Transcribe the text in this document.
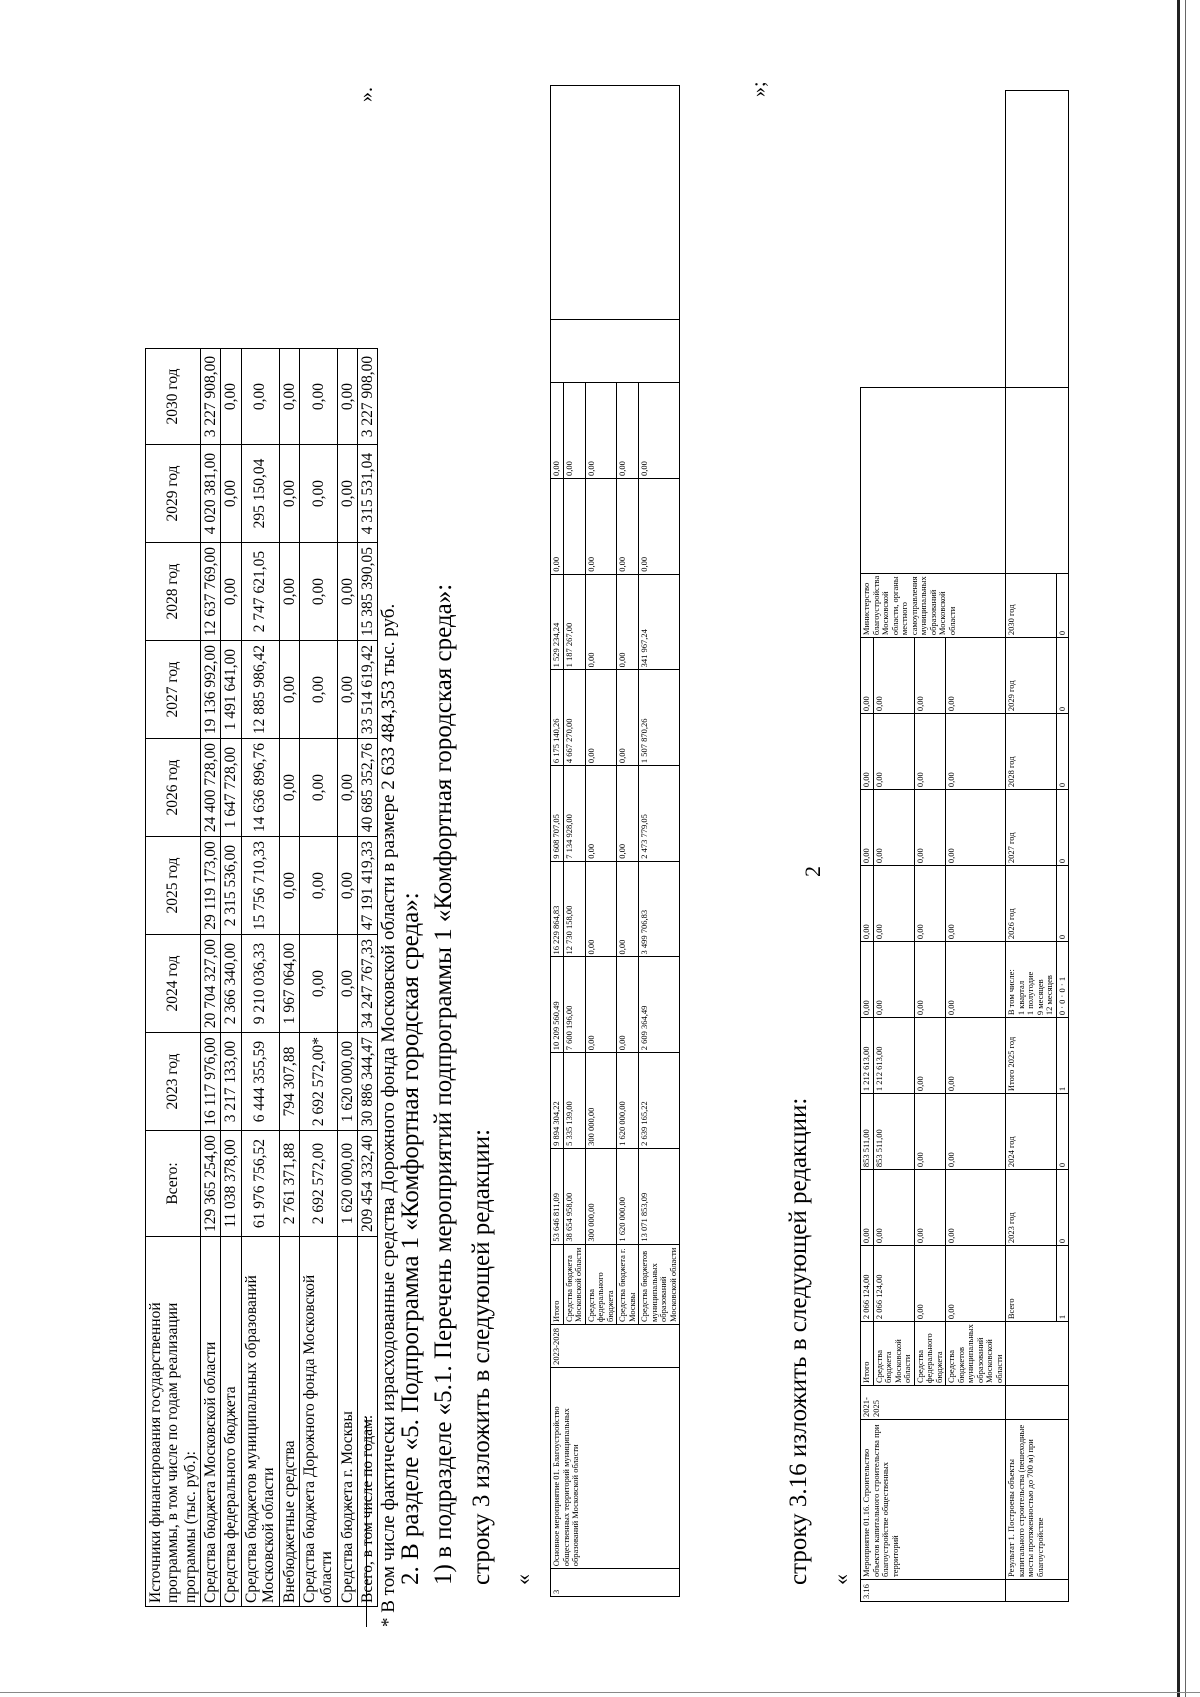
2
Источники финансирования государственной программы, в том числе по годам реализации программы (тыс. руб.):	Всего:	2023 год	2024 год	2025 год	2026 год	2027 год	2028 год	2029 год	2030 год
Средства бюджета Московской области	129 365 254,00	16 117 976,00	20 704 327,00	29 119 173,00	24 400 728,00	19 136 992,00	12 637 769,00	4 020 381,00	3 227 908,00
Средства федерального бюджета	11 038 378,00	3 217 133,00	2 366 340,00	2 315 536,00	1 647 728,00	1 491 641,00	0,00	0,00	0,00
Средства бюджетов муниципальных образований Московской области	61 976 756,52	6 444 355,59	9 210 036,33	15 756 710,33	14 636 896,76	12 885 986,42	2 747 621,05	295 150,04	0,00
Внебюджетные средства	2 761 371,88	794 307,88	1 967 064,00	0,00	0,00	0,00	0,00	0,00	0,00
Средства бюджета Дорожного фонда Московской области	2 692 572,00	2 692 572,00*	0,00	0,00	0,00	0,00	0,00	0,00	0,00
Средства бюджета г. Москвы	1 620 000,00	1 620 000,00	0,00	0,00	0,00	0,00	0,00	0,00	0,00
Всего, в том числе по годам:	209 454 332,40	30 886 344,47	34 247 767,33	47 191 419,33	40 685 352,76	33 514 619,42	15 385 390,05	4 315 531,04	3 227 908,00
».
* В том числе фактически израсходованные средства Дорожного фонда Московской области в размере 2 633 484,353 тыс. руб.
2. В разделе «5. Подпрограмма 1 «Комфортная городская среда»: 1) в подразделе «5.1. Перечень мероприятий подпрограммы 1 «Комфортная городская среда»: строку 3 изложить в следующей редакции: «
3	Основное мероприятие 01. Благоустройство общественных территорий муниципальных образований Московской области	2023-2028	Итого	53 646 811,09	9 894 304,22	10 209 560,49	16 229 864,83	9 608 707,05	6 175 140,26	1 529 234,24	0,00	0,00		
			Средства бюджета Московской области	38 654 958,00	5 335 139,00	7 600 196,00	12 730 158,00	7 134 928,00	4 667 270,00	1 187 267,00		0,00		
			Средства федерального бюджета	300 000,00	300 000,00	0,00	0,00	0,00	0,00	0,00	0,00	0,00		
			Средства бюджета г. Москвы	1 620 000,00	1 620 000,00	0,00	0,00	0,00	0,00	0,00	0,00	0,00		
			Средства бюджетов муниципальных образований Московской области	13 071 853,09	2 639 165,22	2 609 364,49	3 499 706,83	2 473 779,05	1 507 870,26	341 967,24	0,00	0,00		
»;
строку 3.16 изложить в следующей редакции: «
3.16	Мероприятие 01.16. Строительство объектов капитального строительства при благоустройстве общественных территорий	2021-2025	Итого	2 066 124,00	0,00	853 511,00	1 212 613,00	0,00	0,00	0,00	0,00	0,00	Министерство благоустройства Московской области, органы местного самоуправления муниципальных образований Московской области		
			Средства бюджета Московской области	2 066 124,00	0,00	853 511,00	1 212 613,00	0,00	0,00	0,00	0,00	0,00			
			Средства федерального бюджета	0,00	0,00	0,00	0,00	0,00	0,00	0,00	0,00	0,00			
			Средства бюджетов муниципальных образований Московской области	0,00	0,00	0,00	0,00	0,00	0,00	0,00	0,00	0,00			
	Результат 1. Построены объекты капитального строительства (пешеходные мосты протяженностью до 700 м) при благоустройстве			Всего	2023 год	2024 год	Итого 2025 год	В том числе: 1 квартал 1 полугодие 9 месяцев 12 месяцев	2026 год	2027 год	2028 год	2029 год	2030 год		
				1	0	0	1	0 · 0 · 0 · 1	0	0	0	0	0		
